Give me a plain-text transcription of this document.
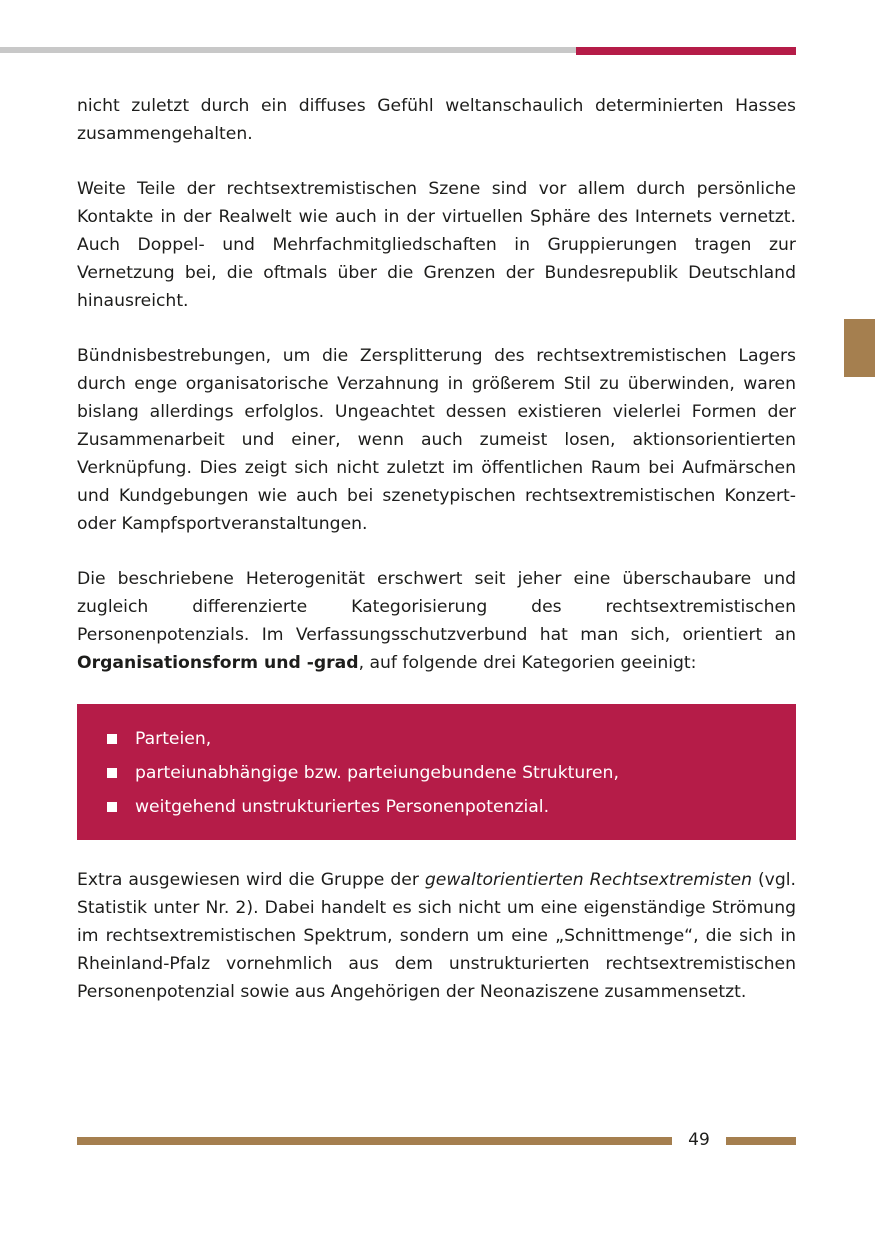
nicht zuletzt durch ein diffuses Gefühl weltanschaulich determinierten Hasses zusammengehalten.

Weite Teile der rechtsextremistischen Szene sind vor allem durch persönliche Kontakte in der Realwelt wie auch in der virtuellen Sphäre des Internets vernetzt. Auch Doppel- und Mehrfachmitgliedschaften in Gruppierungen tragen zur Vernetzung bei, die oftmals über die Grenzen der Bundesrepublik Deutschland hinausreicht.

Bündnisbestrebungen, um die Zersplitterung des rechtsextremistischen Lagers durch enge organisatorische Verzahnung in größerem Stil zu überwinden, waren bislang allerdings erfolglos. Ungeachtet dessen existieren vielerlei Formen der Zusammenarbeit und einer, wenn auch zumeist losen, aktionsorientierten Verknüpfung. Dies zeigt sich nicht zuletzt im öffentlichen Raum bei Aufmärschen und Kundgebungen wie auch bei szenetypischen rechtsextremistischen Konzert- oder Kampfsportveranstaltungen.

Die beschriebene Heterogenität erschwert seit jeher eine überschaubare und zugleich differenzierte Kategorisierung des rechtsextremistischen Personenpotenzials. Im Verfassungsschutzverbund hat man sich, orientiert an Organisationsform und -grad, auf folgende drei Kategorien geeinigt:

Parteien,
parteiunabhängige bzw. parteiungebundene Strukturen,
weitgehend unstrukturiertes Personenpotenzial.

Extra ausgewiesen wird die Gruppe der gewaltorientierten Rechtsextremisten (vgl. Statistik unter Nr. 2). Dabei handelt es sich nicht um eine eigenständige Strömung im rechtsextremistischen Spektrum, sondern um eine „Schnittmenge“, die sich in Rheinland-Pfalz vornehmlich aus dem unstrukturierten rechtsextremistischen Personenpotenzial sowie aus Angehörigen der Neonaziszene zusammensetzt.

49
